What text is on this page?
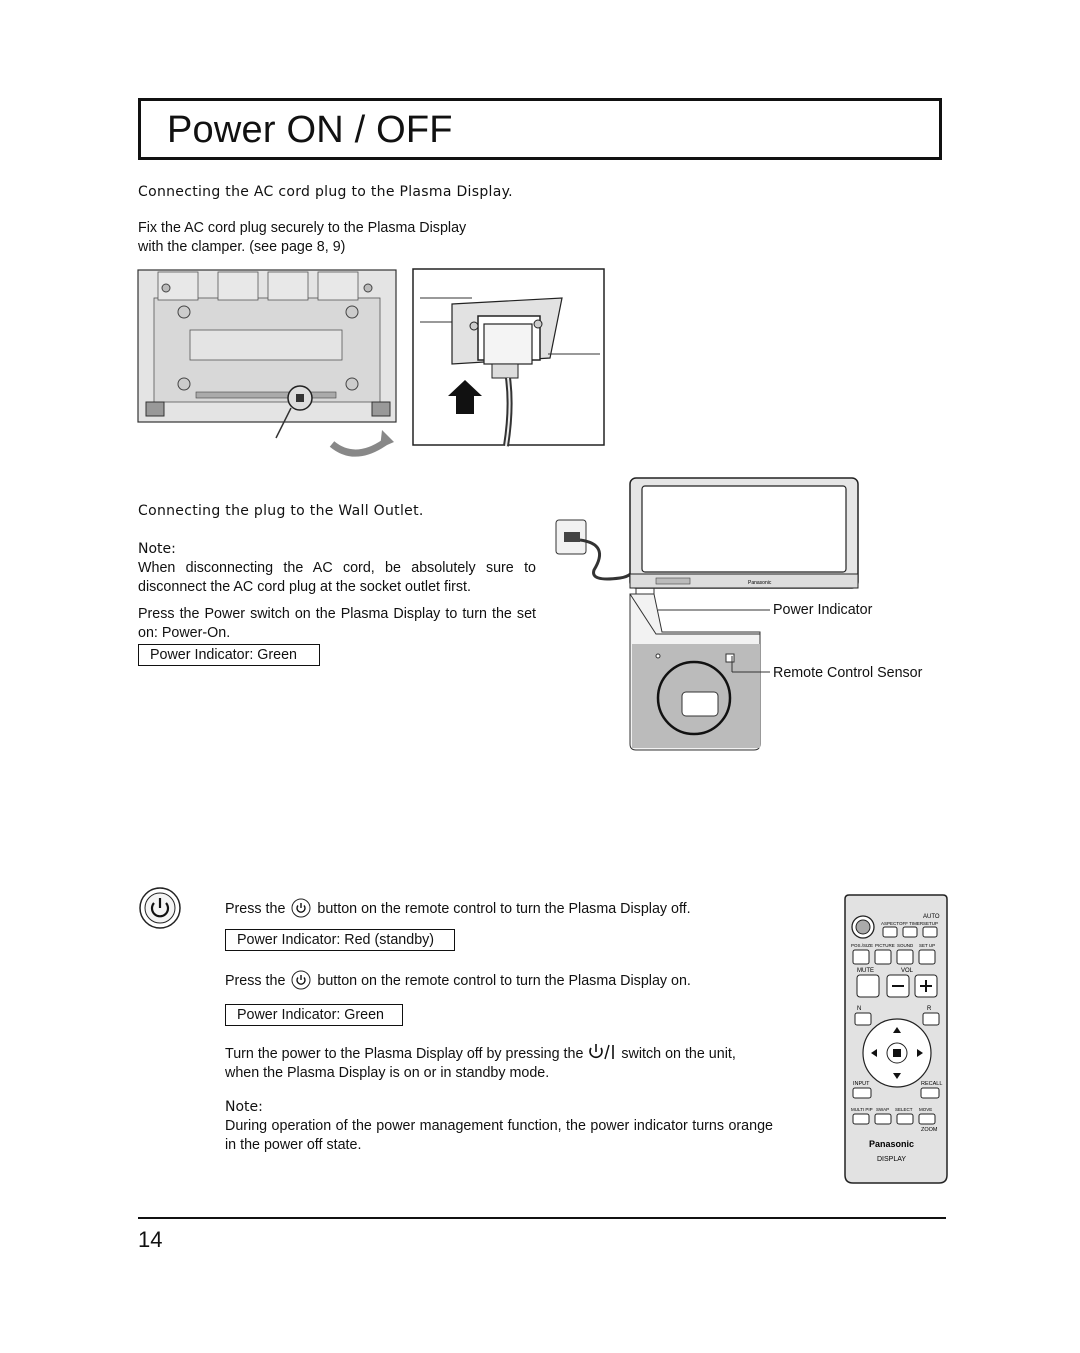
Power ON / OFF
Connecting the AC cord plug to the Plasma Display.
Fix the AC cord plug securely to the Plasma Display
with the clamper. (see page 8, 9)
Connecting the plug to the Wall Outlet.
Note:
When disconnecting the AC cord, be absolutely sure to disconnect the AC cord plug at the socket outlet first.
Press the Power switch on the Plasma Display to turn the set on: Power-On.
Power Indicator: Green
Panasonic
Power Indicator
Remote Control Sensor
Press the button on the remote control to turn the Plasma Display off.
Power Indicator: Red (standby)
Press the button on the remote control to turn the Plasma Display on.
Power Indicator: Green
Turn the power to the Plasma Display off by pressing the	switch on the unit,
when the Plasma Display is on or in standby mode.
Note:
During operation of the power management function, the power indicator turns orange in the power off state.
AUTO
ASPECT OFF TIMER SETUP
POS./SIZE PICTURE SOUND SET UP
MUTE	VOL
N	R
INPUT	RECALL
MULTI PIP SWAP SELECT MOVE
ZOOM
Panasonic
DISPLAY
14
